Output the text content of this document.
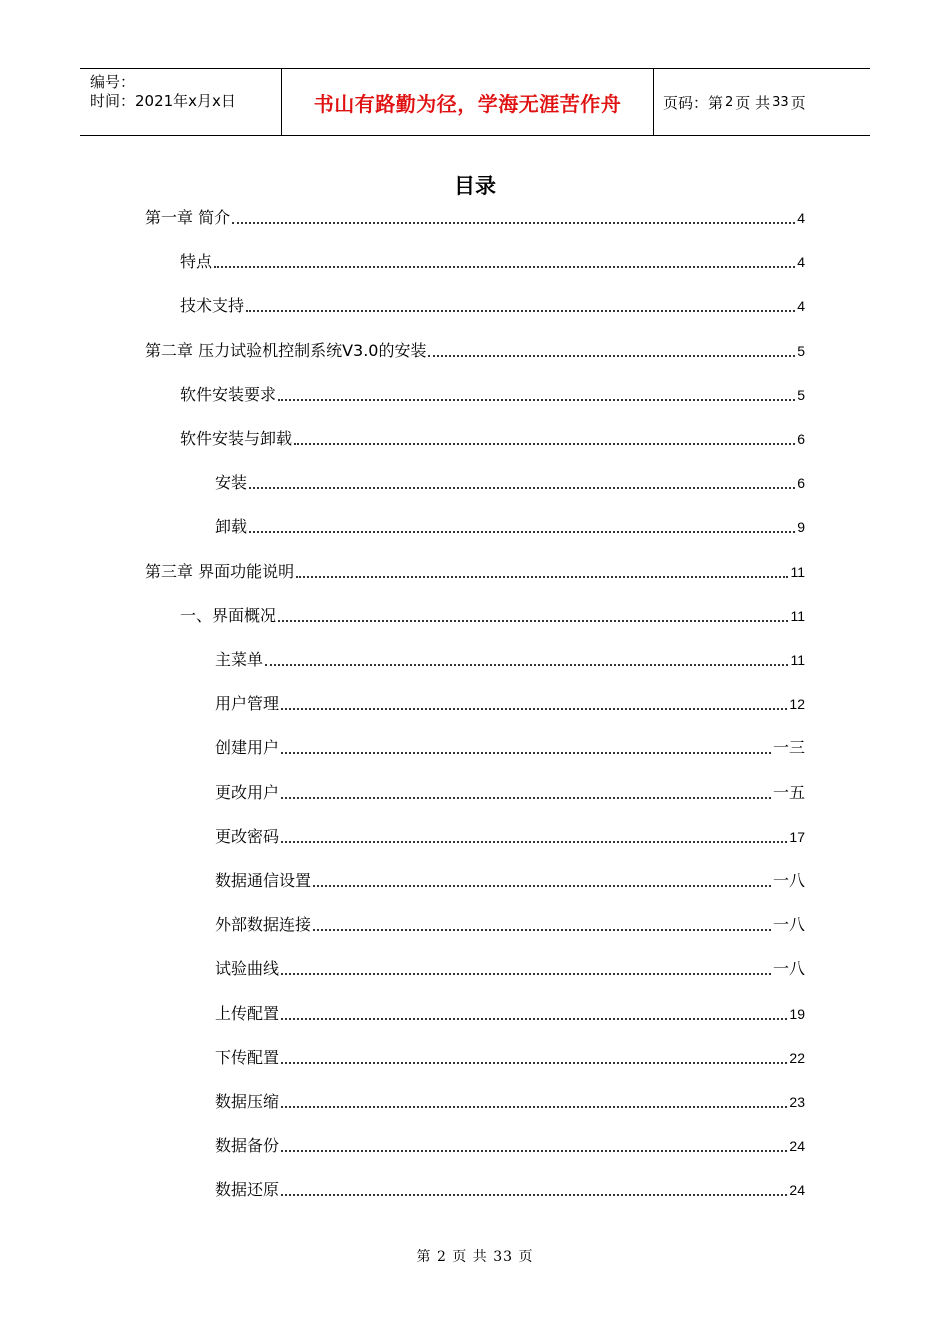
编号：
时间：2021年x月x日	书山有路勤为径，学海无涯苦作舟	页码：第 2 页 共 33 页
目录
第一章 简介	4
特点	4
技术支持	4
第二章 压力试验机控制系统V3.0的安装	5
软件安装要求	5
软件安装与卸载	6
安装	6
卸载	9
第三章 界面功能说明	11
一、界面概况	11
主菜单	11
用户管理	12
创建用户	一三
更改用户	一五
更改密码	17
数据通信设置	一八
外部数据连接	一八
试验曲线	一八
上传配置	19
下传配置	22
数据压缩	23
数据备份	24
数据还原	24
第 2 页 共 33 页
